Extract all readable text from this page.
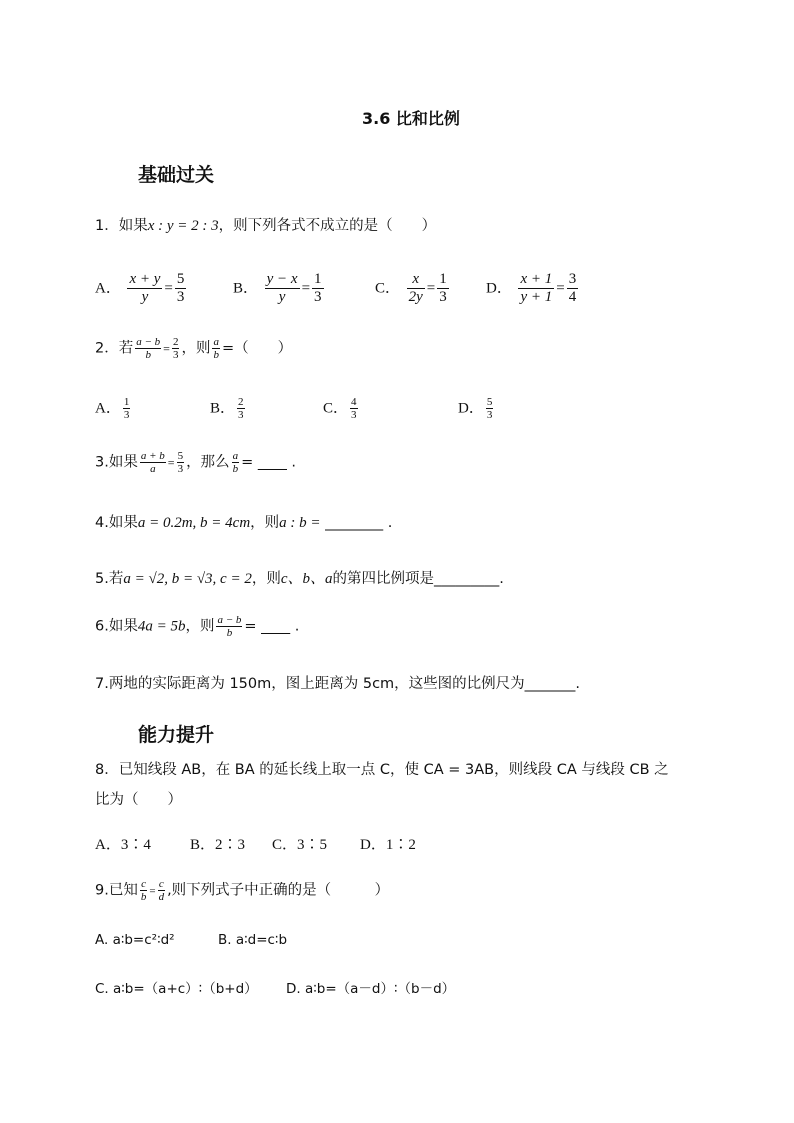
3.6 比和比例
基础过关
1．如果x : y = 2 : 3，则下列各式不成立的是（　　）
A． $\frac{x + y}{y} = \frac{5}{3}$	B． $\frac{y - x}{y} = \frac{1}{3}$	C． $\frac{x}{2y} = \frac{1}{3}$ D． $\frac{x + 1}{y + 1} = \frac{3}{4}$
2．若 $\frac{a - b}{b} = \frac{2}{3}$ ，则 $\frac{a}{b}$ =（　　）
A． $\frac{1}{3}$	B． $\frac{2}{3}$	C． $\frac{4}{3}$	D． $\frac{5}{3}$
3.如果 $\frac{a + b}{a} = \frac{5}{3}$ ，那么 $\frac{a}{b}$ = ____ .
4.如果a = 0.2m, b = 4cm，则a : b = ________ .
5.若a = √2, b = √3, c = 2，则c、b、a的第四比例项是_________.
6.如果4a = 5b，则 $\frac{a - b}{b}$ = ____ .
7.两地的实际距离为 150m，图上距离为 5cm，这些图的比例尺为_______.
能力提升
8．已知线段 AB，在 BA 的延长线上取一点 C，使 CA = 3AB，则线段 CA 与线段 CB 之
比为（　　）
A．3∶4	B．2∶3 C．3∶5 D．1∶2
9.已知 $\frac{c}{b} = \frac{c}{d}$ ,则下列式子中正确的是（　　　）
A. a∶b=c²∶d²	B. a∶d=c∶b
C. a∶b=（a+c）∶（b+d） D. a∶b=（a－d）∶（b－d）
